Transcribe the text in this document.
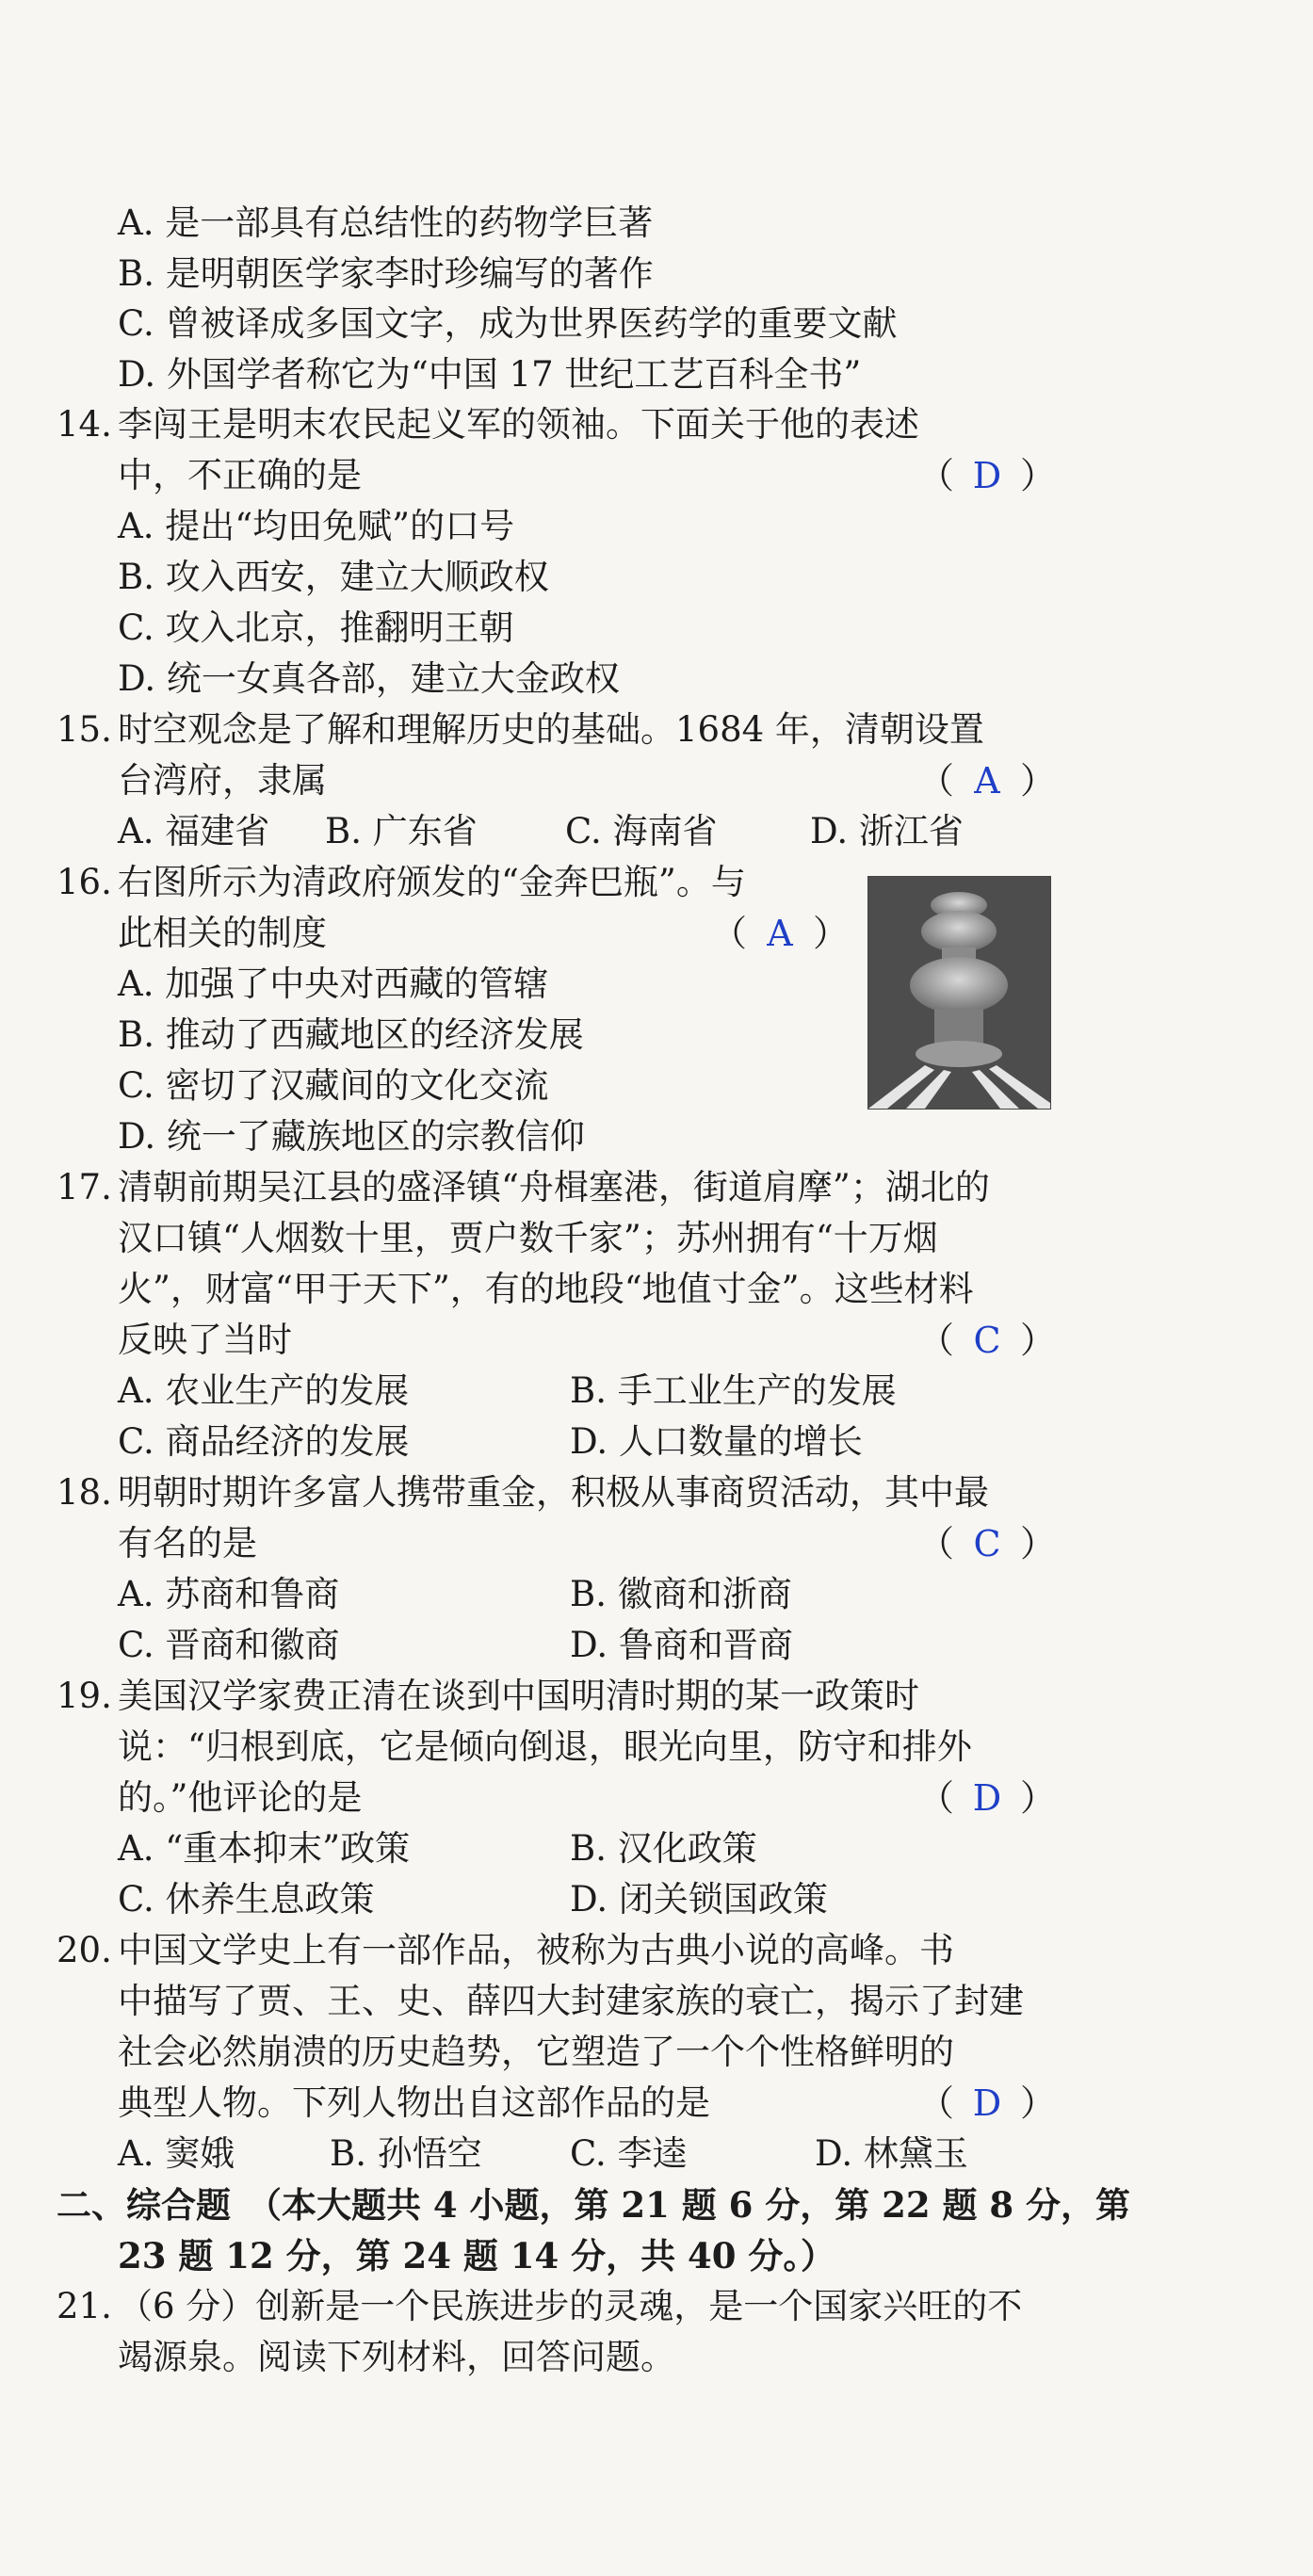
A. 是一部具有总结性的药物学巨著
B. 是明朝医学家李时珍编写的著作
C. 曾被译成多国文字，成为世界医药学的重要文献
D. 外国学者称它为“中国 17 世纪工艺百科全书”
14. 李闯王是明末农民起义军的领袖。下面关于他的表述
中，不正确的是	（ D ）
A. 提出“均田免赋”的口号
B. 攻入西安，建立大顺政权
C. 攻入北京，推翻明王朝
D. 统一女真各部，建立大金政权
15. 时空观念是了解和理解历史的基础。1684 年，清朝设置
台湾府，隶属	（ A ）
A. 福建省 B. 广东省	C. 海南省	D. 浙江省
16. 右图所示为清政府颁发的“金奔巴瓶”。与
此相关的制度	（ A ）
A. 加强了中央对西藏的管辖
B. 推动了西藏地区的经济发展
C. 密切了汉藏间的文化交流
D. 统一了藏族地区的宗教信仰
17. 清朝前期吴江县的盛泽镇“舟楫塞港，街道肩摩”；湖北的
汉口镇“人烟数十里，贾户数千家”；苏州拥有“十万烟
火”，财富“甲于天下”，有的地段“地值寸金”。这些材料
反映了当时	（ C ）
A. 农业生产的发展	B. 手工业生产的发展
C. 商品经济的发展	D. 人口数量的增长
18. 明朝时期许多富人携带重金，积极从事商贸活动，其中最
有名的是	（ C ）
A. 苏商和鲁商	B. 徽商和浙商
C. 晋商和徽商	D. 鲁商和晋商
19. 美国汉学家费正清在谈到中国明清时期的某一政策时
说：“归根到底，它是倾向倒退，眼光向里，防守和排外
的。”他评论的是	（ D ）
A. “重本抑末”政策	B. 汉化政策
C. 休养生息政策	D. 闭关锁国政策
20. 中国文学史上有一部作品，被称为古典小说的高峰。书
中描写了贾、王、史、薛四大封建家族的衰亡，揭示了封建
社会必然崩溃的历史趋势，它塑造了一个个性格鲜明的
典型人物。下列人物出自这部作品的是	（ D ）
A. 窦娥	B. 孙悟空	C. 李逵	D. 林黛玉
二、综合题 （本大题共 4 小题，第 21 题 6 分，第 22 题 8 分，第
23 题 12 分，第 24 题 14 分，共 40 分。）
21. （6 分）创新是一个民族进步的灵魂，是一个国家兴旺的不
竭源泉。阅读下列材料，回答问题。
